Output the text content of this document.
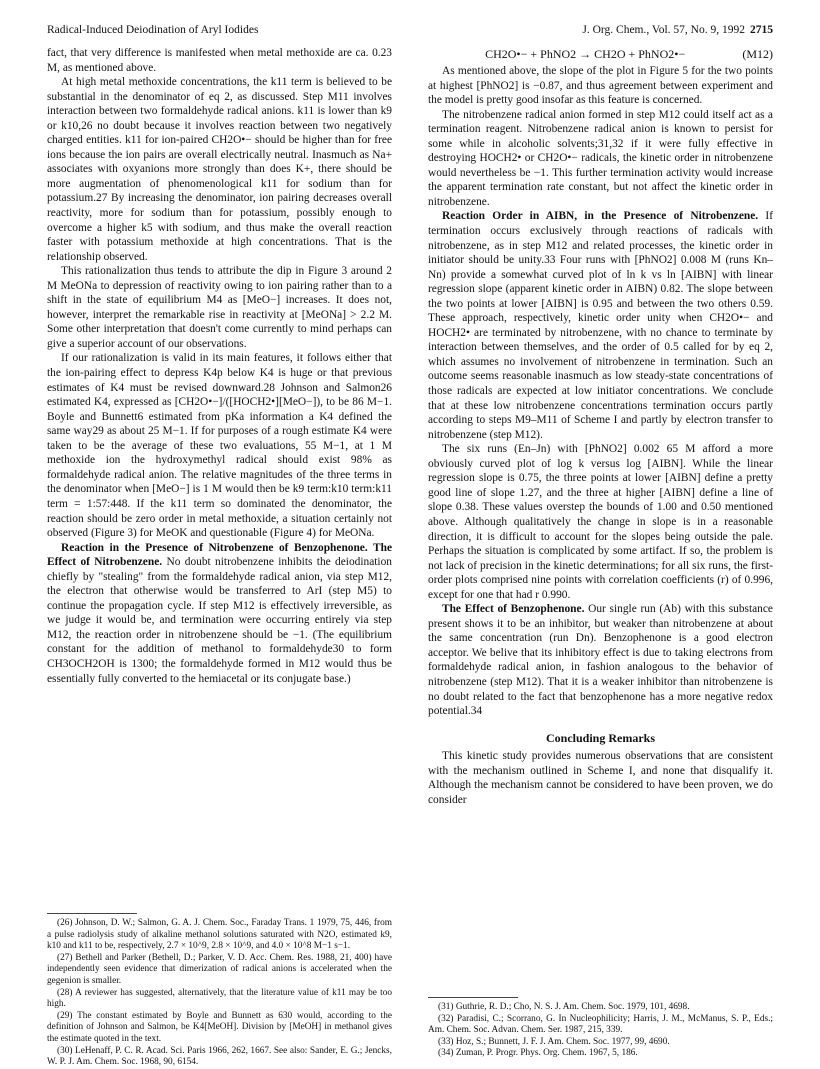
Radical-Induced Deiodination of Aryl Iodides	J. Org. Chem., Vol. 57, No. 9, 1992 2715

fact, that very difference is manifested when metal methoxide are ca. 0.23 M, as mentioned above.

At high metal methoxide concentrations, the k11 term is believed to be substantial in the denominator of eq 2, as discussed. Step M11 involves interaction between two formaldehyde radical anions. k11 is lower than k9 or k10,26 no doubt because it involves reaction between two negatively charged entities. k11 for ion-paired CH2O•− should be higher than for free ions because the ion pairs are overall electrically neutral. Inasmuch as Na+ associates with oxyanions more strongly than does K+, there should be more augmentation of phenomenological k11 for sodium than for potassium.27 By increasing the denominator, ion pairing decreases overall reactivity, more for sodium than for potassium, possibly enough to overcome a higher k5 with sodium, and thus make the overall reaction faster with potassium methoxide at high concentrations. That is the relationship observed.

This rationalization thus tends to attribute the dip in Figure 3 around 2 M MeONa to depression of reactivity owing to ion pairing rather than to a shift in the state of equilibrium M4 as [MeO−] increases. It does not, however, interpret the remarkable rise in reactivity at [MeONa] > 2.2 M. Some other interpretation that doesn't come currently to mind perhaps can give a superior account of our observations.

If our rationalization is valid in its main features, it follows either that the ion-pairing effect to depress K4p below K4 is huge or that previous estimates of K4 must be revised downward.28 Johnson and Salmon26 estimated K4, expressed as [CH2O•−]/([HOCH2•][MeO−]), to be 86 M−1. Boyle and Bunnett6 estimated from pKa information a K4 defined the same way29 as about 25 M−1. If for purposes of a rough estimate K4 were taken to be the average of these two evaluations, 55 M−1, at 1 M methoxide ion the hydroxymethyl radical should exist 98% as formaldehyde radical anion. The relative magnitudes of the three terms in the denominator when [MeO−] is 1 M would then be k9 term:k10 term:k11 term = 1:57:448. If the k11 term so dominated the denominator, the reaction should be zero order in metal methoxide, a situation certainly not observed (Figure 3) for MeOK and questionable (Figure 4) for MeONa.

Reaction in the Presence of Nitrobenzene of Benzophenone. The Effect of Nitrobenzene. No doubt nitrobenzene inhibits the deiodination chiefly by "stealing" from the formaldehyde radical anion, via step M12, the electron that otherwise would be transferred to ArI (step M5) to continue the propagation cycle. If step M12 is effectively irreversible, as we judge it would be, and termination were occurring entirely via step M12, the reaction order in nitrobenzene should be −1. (The equilibrium constant for the addition of methanol to formaldehyde30 to form CH3OCH2OH is 1300; the formaldehyde formed in M12 would thus be essentially fully converted to the hemiacetal or its conjugate base.)

(26) Johnson, D. W.; Salmon, G. A. J. Chem. Soc., Faraday Trans. 1 1979, 75, 446, from a pulse radiolysis study of alkaline methanol solutions saturated with N2O, estimated k9, k10 and k11 to be, respectively, 2.7 × 10^9, 2.8 × 10^9, and 4.0 × 10^8 M−1 s−1.

(27) Bethell and Parker (Bethell, D.; Parker, V. D. Acc. Chem. Res. 1988, 21, 400) have independently seen evidence that dimerization of radical anions is accelerated when the gegenion is smaller.

(28) A reviewer has suggested, alternatively, that the literature value of k11 may be too high.

(29) The constant estimated by Boyle and Bunnett as 630 would, according to the definition of Johnson and Salmon, be K4[MeOH]. Division by [MeOH] in methanol gives the estimate quoted in the text.

(30) LeHenaff, P. C. R. Acad. Sci. Paris 1966, 262, 1667. See also: Sander, E. G.; Jencks, W. P. J. Am. Chem. Soc. 1968, 90, 6154.

CH2O•− + PhNO2 → CH2O + PhNO2•−	(M12)

As mentioned above, the slope of the plot in Figure 5 for the two points at highest [PhNO2] is −0.87, and thus agreement between experiment and the model is pretty good insofar as this feature is concerned.

The nitrobenzene radical anion formed in step M12 could itself act as a termination reagent. Nitrobenzene radical anion is known to persist for some while in alcoholic solvents;31,32 if it were fully effective in destroying HOCH2• or CH2O•− radicals, the kinetic order in nitrobenzene would nevertheless be −1. This further termination activity would increase the apparent termination rate constant, but not affect the kinetic order in nitrobenzene.

Reaction Order in AIBN, in the Presence of Nitrobenzene. If termination occurs exclusively through reactions of radicals with nitrobenzene, as in step M12 and related processes, the kinetic order in initiator should be unity.33 Four runs with [PhNO2] 0.008 M (runs Kn–Nn) provide a somewhat curved plot of ln k vs ln [AIBN] with linear regression slope (apparent kinetic order in AIBN) 0.82. The slope between the two points at lower [AIBN] is 0.95 and between the two others 0.59. These approach, respectively, kinetic order unity when CH2O•− and HOCH2• are terminated by nitrobenzene, with no chance to terminate by interaction between themselves, and the order of 0.5 called for by eq 2, which assumes no involvement of nitrobenzene in termination. Such an outcome seems reasonable inasmuch as low steady-state concentrations of those radicals are expected at low initiator concentrations. We conclude that at these low nitrobenzene concentrations termination occurs partly according to steps M9–M11 of Scheme I and partly by electron transfer to nitrobenzene (step M12).

The six runs (En–Jn) with [PhNO2] 0.002 65 M afford a more obviously curved plot of log k versus log [AIBN]. While the linear regression slope is 0.75, the three points at lower [AIBN] define a pretty good line of slope 1.27, and the three at higher [AIBN] define a line of slope 0.38. These values overstep the bounds of 1.00 and 0.50 mentioned above. Although qualitatively the change in slope is in a reasonable direction, it is difficult to account for the slopes being outside the pale. Perhaps the situation is complicated by some artifact. If so, the problem is not lack of precision in the kinetic determinations; for all six runs, the first-order plots comprised nine points with correlation coefficients (r) of 0.996, except for one that had r 0.990.

The Effect of Benzophenone. Our single run (Ab) with this substance present shows it to be an inhibitor, but weaker than nitrobenzene at about the same concentration (run Dn). Benzophenone is a good electron acceptor. We belive that its inhibitory effect is due to taking electrons from formaldehyde radical anion, in fashion analogous to the behavior of nitrobenzene (step M12). That it is a weaker inhibitor than nitrobenzene is no doubt related to the fact that benzophenone has a more negative redox potential.34

Concluding Remarks

This kinetic study provides numerous observations that are consistent with the mechanism outlined in Scheme I, and none that disqualify it. Although the mechanism cannot be considered to have been proven, we do consider

(31) Guthrie, R. D.; Cho, N. S. J. Am. Chem. Soc. 1979, 101, 4698.

(32) Paradisi, C.; Scorrano, G. In Nucleophilicity; Harris, J. M., McManus, S. P., Eds.; Am. Chem. Soc. Advan. Chem. Ser. 1987, 215, 339.

(33) Hoz, S.; Bunnett, J. F. J. Am. Chem. Soc. 1977, 99, 4690.

(34) Zuman, P. Progr. Phys. Org. Chem. 1967, 5, 186.
